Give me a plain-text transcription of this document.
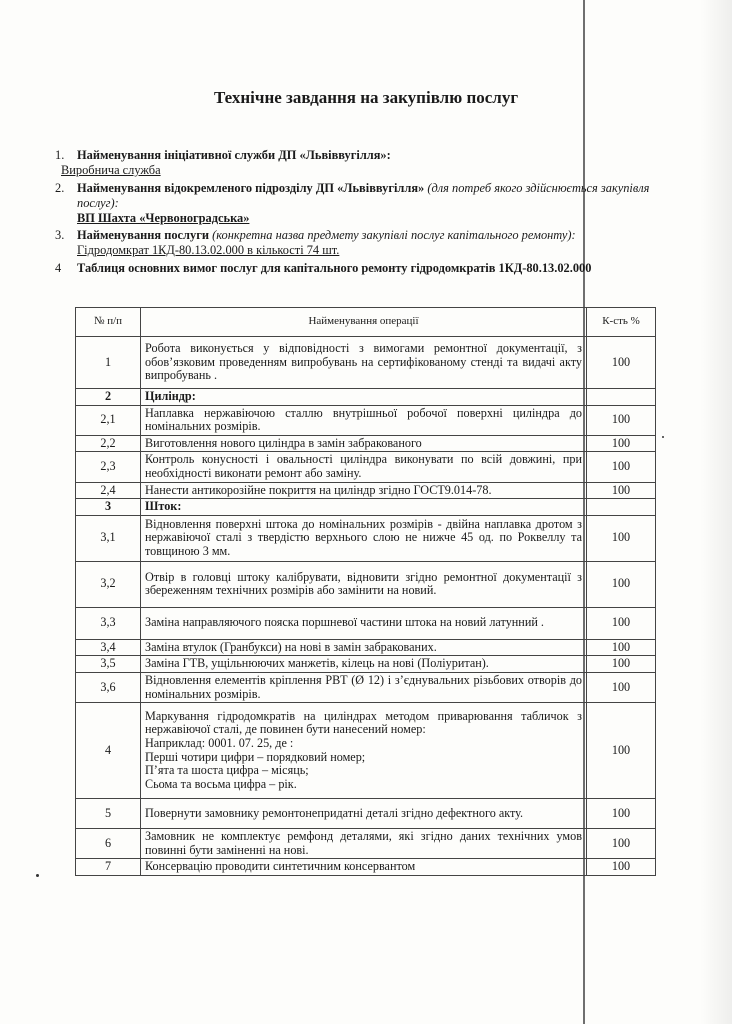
Технічне завдання на закупівлю послуг
1.	Найменування ініціативної служби ДП «Львіввугілля»:
Виробнича служба
2.	Найменування відокремленого підрозділу ДП «Львіввугілля» (для потреб якого здійснюється закупівля послуг):
ВП Шахта «Червоноградська»
3.	Найменування послуги (конкретна назва предмету закупівлі послуг капітального ремонту):
Гідродомкрат 1КД-80.13.02.000 в кількості 74 шт.
4	Таблиця основних вимог послуг для капітального ремонту гідродомкратів 1КД-80.13.02.000
№ п/п	Найменування операції	К-сть %
1	Робота виконується у відповідності з вимогами ремонтної документації, з обов’язковим проведенням випробувань на сертифікованому стенді та видачі акту випробувань .	100
2	Циліндр:	
2,1	Наплавка нержавіючою сталлю внутрішньої робочої поверхні циліндра до номінальних розмірів.	100
2,2	Виготовлення нового циліндра в замін забракованого	100
2,3	Контроль конусності і овальності циліндра виконувати по всій довжині, при необхідності виконати ремонт або заміну.	100
2,4	Нанести антикорозійне покриття на циліндр згідно ГОСТ9.014-78.	100
3	Шток:	
3,1	Відновлення поверхні штока до номінальних розмірів - двійна наплавка дротом з нержавіючої сталі з твердістю верхнього слою не нижче 45 од. по Роквеллу та товщиною 3 мм.	100
3,2	Отвір в головці штоку калібрувати, відновити згідно ремонтної документації з збереженням технічних розмірів або замінити на новий.	100
3,3	Заміна направляючого пояска поршневої частини штока на новий латунний .	100
3,4	Заміна втулок (Грaнбукси) на нові в замін забракованих.	100
3,5	Заміна ГТВ, ущільнюючих манжетів, кілець на нові (Поліуритан).	100
3,6	Відновлення елементів кріплення РВТ (Ø 12) і з’єднувальних різьбових отворів до номінальних розмірів.	100
4	Маркування гідродомкратів на циліндрах методом приварювання табличок з нержавіючої сталі, де повинен бути нанесений номер:
Наприклад: 0001. 07. 25, де :
Перші чотири цифри – порядковий номер;
П’ята та шоста цифра – місяць;
Сьома та восьма цифра – рік.	100
5	Повернути замовнику ремонтонепридатні деталі згідно дефектного акту.	100
6	Замовник не комплектує ремфонд деталями, які згідно даних технічних умов повинні бути заміненні на нові.	100
7	Консервацію проводити синтетичним консервантом	100
